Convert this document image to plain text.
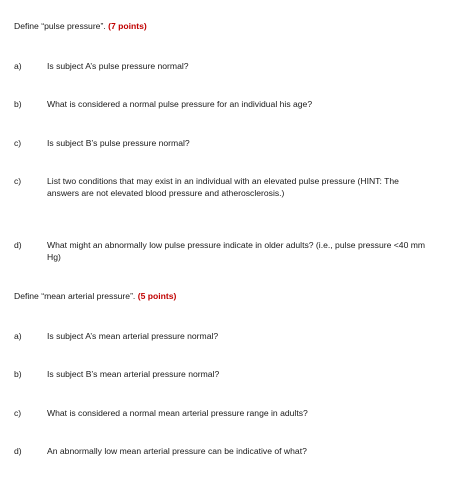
Define “pulse pressure”. (7 points)
a)	Is subject A’s pulse pressure normal?
b)	What is considered a normal pulse pressure for an individual his age?
c)	Is subject B’s pulse pressure normal?
c)	List two conditions that may exist in an individual with an elevated pulse pressure (HINT: The answers are not elevated blood pressure and atherosclerosis.)
d)	What might an abnormally low pulse pressure indicate in older adults? (i.e., pulse pressure <40 mm Hg)
Define “mean arterial pressure”. (5 points)
a)	Is subject A’s mean arterial pressure normal?
b)	Is subject B’s mean arterial pressure normal?
c)	What is considered a normal mean arterial pressure range in adults?
d)	An abnormally low mean arterial pressure can be indicative of what?
